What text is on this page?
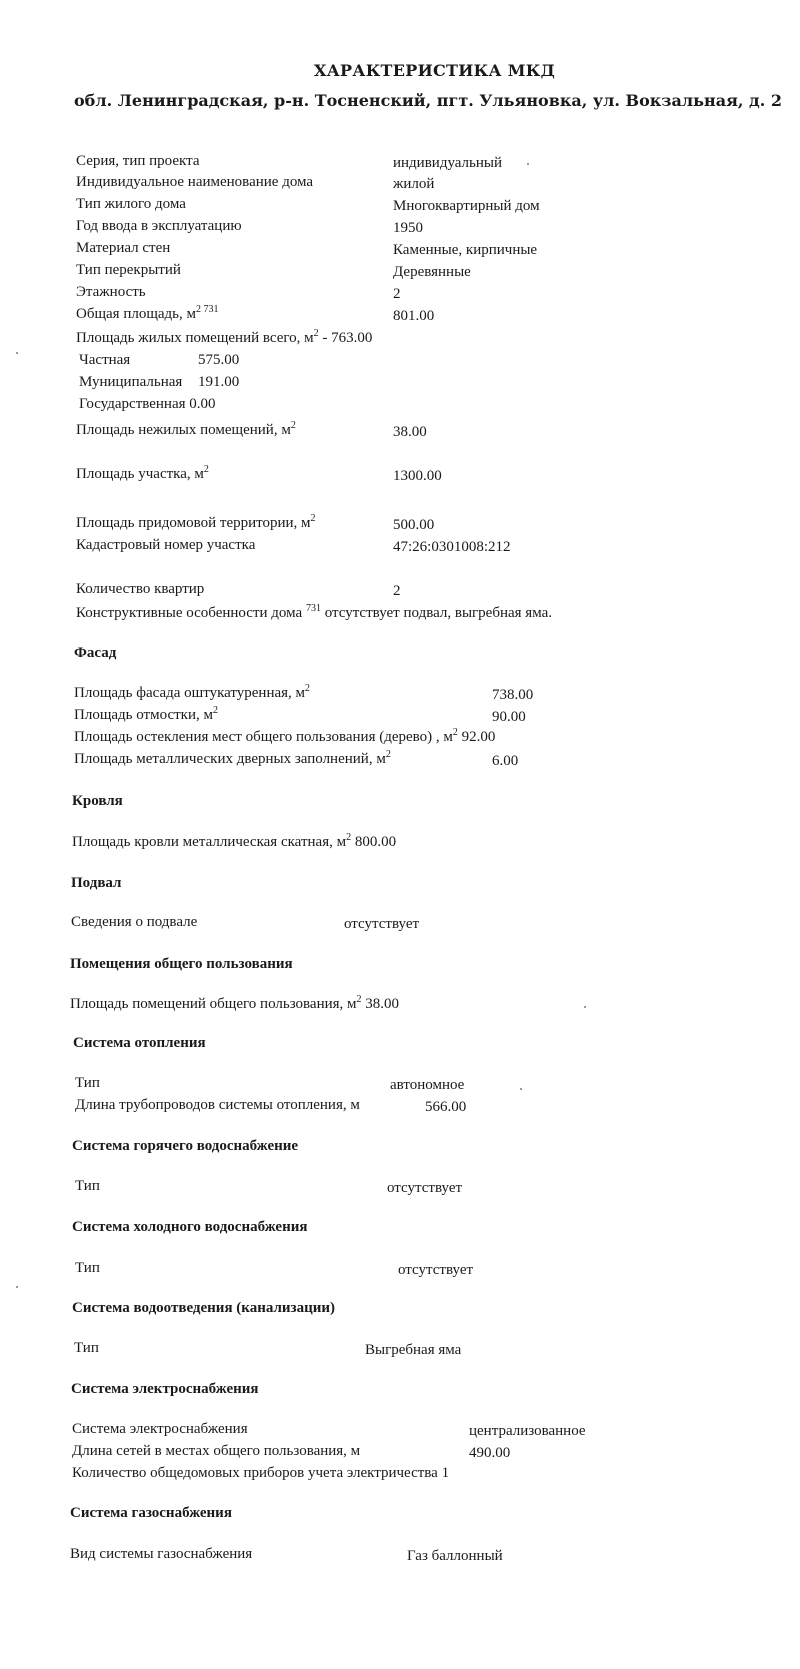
ХАРАКТЕРИСТИКА МКД
обл. Ленинградская, р-н. Тосненский, пгт. Ульяновка, ул. Вокзальная, д. 2
Серия, тип проекта	индивидуальный
Индивидуальное наименование дома	жилой
Тип жилого дома	Многоквартирный дом
Год ввода в эксплуатацию	1950
Материал стен	Каменные, кирпичные
Тип перекрытий	Деревянные
Этажность	2
Общая площадь, $м^{2 731}$	801.00
Площадь жилых помещений всего, $м^2 - 763.00$
Частная	575.00
Муниципальная 191.00
Государственная 0.00
Площадь нежилых помещений, $м^2$	38.00
Площадь участка, $м^2$	1300.00
Площадь придомовой территории, $м^2$	500.00
Кадастровый номер участка	47:26:0301008:212
Количество квартир	2
Конструктивные особенности дома $^{731}$ отсутствует подвал, выгребная яма.
Фасад
Площадь фасада оштукатуренная, $м^2$	738.00
Площадь отмостки, $м^2$	90.00
Площадь остекления мест общего пользования (дерево) , $м^2$ 92.00
Площадь металлических дверных заполнений, $м^2$	6.00
Кровля
Площадь кровли металлическая скатная, $м^2$ 800.00
Подвал
Сведения о подвале	отсутствует
Помещения общего пользования
Площадь помещений общего пользования, $м^2$ 38.00
Система отопления
Тип	автономное
Длина трубопроводов системы отопления, м	566.00
Система горячего водоснабжение
Тип	отсутствует
Система холодного водоснабжения
Тип	отсутствует
Система водоотведения (канализации)
Тип	Выгребная яма
Система электроснабжения
Система электроснабжения	централизованное
Длина сетей в местах общего пользования, м	490.00
Количество общедомовых приборов учета электричества 1
Система газоснабжения
Вид системы газоснабжения	Газ баллонный
